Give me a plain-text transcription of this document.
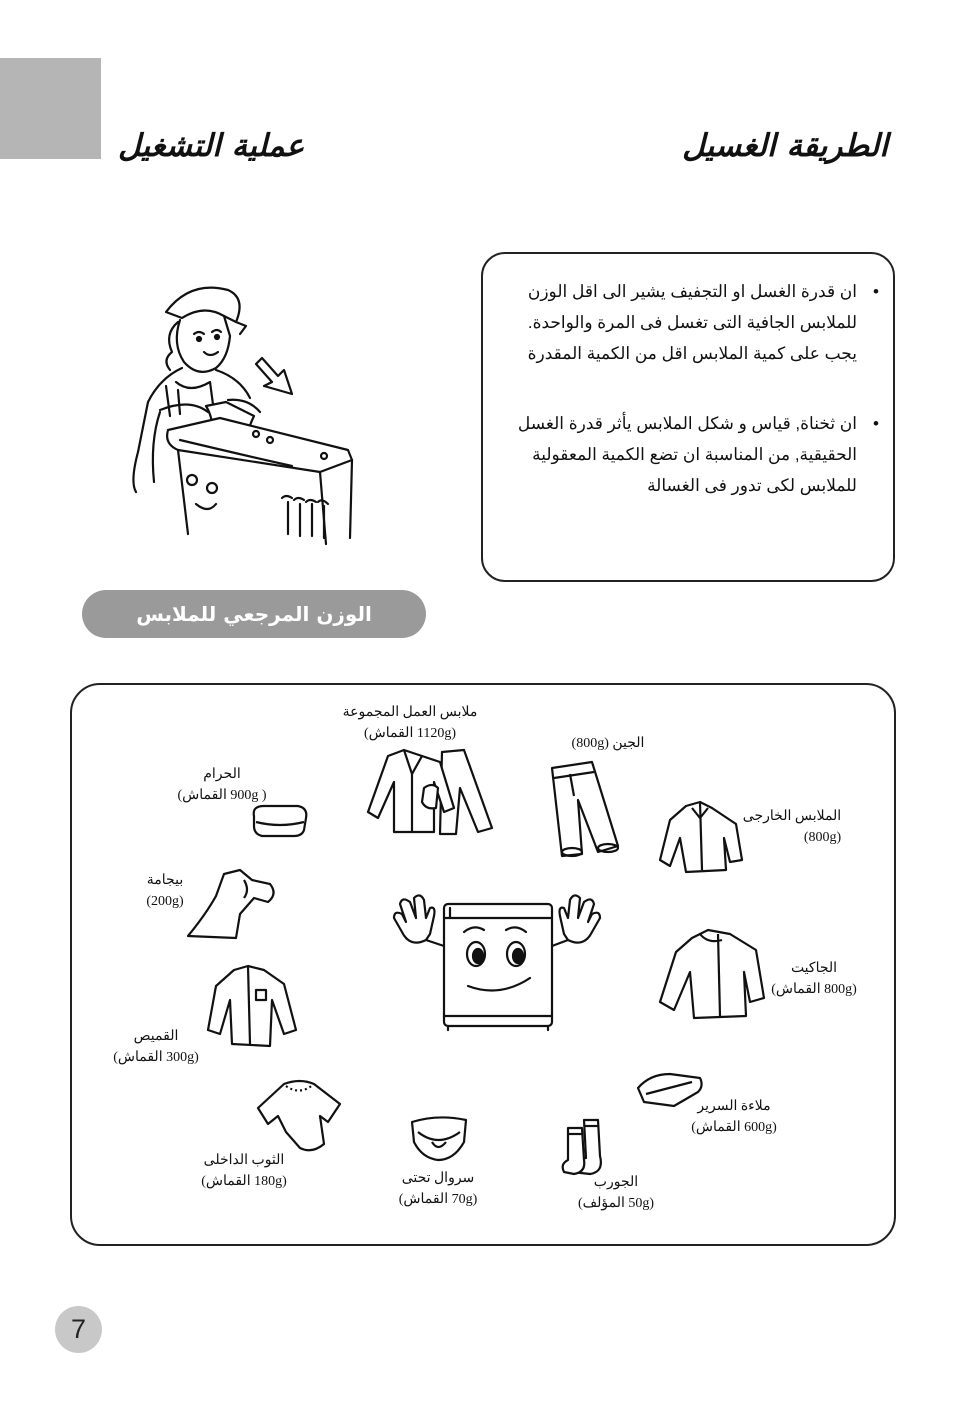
عملية التشغيل	الطريقة الغسيل
•
ان قدرة الغسل او التجفيف يشير الى اقل الوزن
للملابس الجافية التى تغسل فى المرة والواحدة.
يجب على كمية الملابس اقل من الكمية المقدرة
•
ان ثخناة, قياس و شكل الملابس يأثر قدرة الغسل
الحقيقية, من المناسبة ان تضع الكمية المعقولية
للملابس لكى تدور فى الغسالة
الوزن المرجعي للملابس
ملابس العمل المجموعة
(1120g القماش)
(800g) الجين
الحرام
( 900g القماش)
الملابس الخارجى
(800g)
بيجامة
(200g)
الجاكيت
(800g القماش)
القميص
(300g القماش)
ملاءة السرير
(600g القماش)
الثوب الداخلى
(180g القماش)	سروال تحتى
(70g القماش)
الجورب
(50g المؤلف)
7
